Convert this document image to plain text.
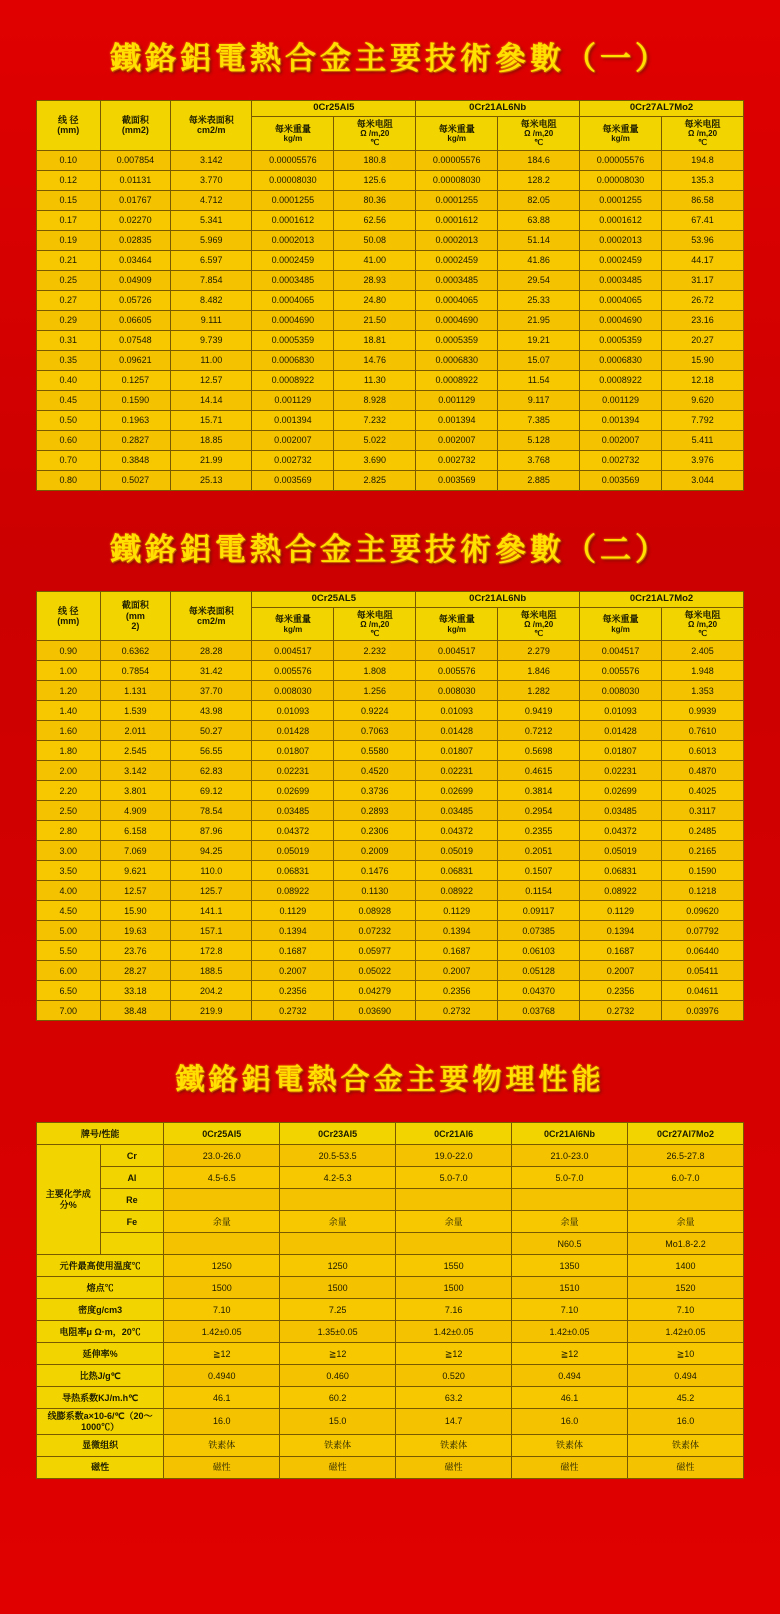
鐵鉻鋁電熱合金主要技術參數（一）
线 径
(mm)

截面积
(mm2)

每米表面积
cm2/m
	0Cr25Al5	0Cr21AL6Nb	0Cr27AL7Mo2

每米重量
kg/m

每米电阻
Ω /m,20
℃

每米重量
kg/m

每米电阻
Ω /m,20
℃

每米重量
kg/m

每米电阻
Ω /m,20
℃

0.10	0.007854	3.142	0.00005576	180.8	0.00005576	184.6	0.00005576	194.8
0.12	0.01131	3.770	0.00008030	125.6	0.00008030	128.2	0.00008030	135.3
0.15	0.01767	4.712	0.0001255	80.36	0.0001255	82.05	0.0001255	86.58
0.17	0.02270	5.341	0.0001612	62.56	0.0001612	63.88	0.0001612	67.41
0.19	0.02835	5.969	0.0002013	50.08	0.0002013	51.14	0.0002013	53.96
0.21	0.03464	6.597	0.0002459	41.00	0.0002459	41.86	0.0002459	44.17
0.25	0.04909	7.854	0.0003485	28.93	0.0003485	29.54	0.0003485	31.17
0.27	0.05726	8.482	0.0004065	24.80	0.0004065	25.33	0.0004065	26.72
0.29	0.06605	9.111	0.0004690	21.50	0.0004690	21.95	0.0004690	23.16
0.31	0.07548	9.739	0.0005359	18.81	0.0005359	19.21	0.0005359	20.27
0.35	0.09621	11.00	0.0006830	14.76	0.0006830	15.07	0.0006830	15.90
0.40	0.1257	12.57	0.0008922	11.30	0.0008922	11.54	0.0008922	12.18
0.45	0.1590	14.14	0.001129	8.928	0.001129	9.117	0.001129	9.620
0.50	0.1963	15.71	0.001394	7.232	0.001394	7.385	0.001394	7.792
0.60	0.2827	18.85	0.002007	5.022	0.002007	5.128	0.002007	5.411
0.70	0.3848	21.99	0.002732	3.690	0.002732	3.768	0.002732	3.976
0.80	0.5027	25.13	0.003569	2.825	0.003569	2.885	0.003569	3.044
鐵鉻鋁電熱合金主要技術參數（二）
线 径
(mm)

截面积
(mm
2)

每米表面积
cm2/m
	0Cr25AL5	0Cr21AL6Nb	0Cr21AL7Mo2

每米重量
kg/m

每米电阻
Ω /m,20
℃

每米重量
kg/m

每米电阻
Ω /m,20
℃

每米重量
kg/m

每米电阻
Ω /m,20
℃

0.90	0.6362	28.28	0.004517	2.232	0.004517	2.279	0.004517	2.405
1.00	0.7854	31.42	0.005576	1.808	0.005576	1.846	0.005576	1.948
1.20	1.131	37.70	0.008030	1.256	0.008030	1.282	0.008030	1.353
1.40	1.539	43.98	0.01093	0.9224	0.01093	0.9419	0.01093	0.9939
1.60	2.011	50.27	0.01428	0.7063	0.01428	0.7212	0.01428	0.7610
1.80	2.545	56.55	0.01807	0.5580	0.01807	0.5698	0.01807	0.6013
2.00	3.142	62.83	0.02231	0.4520	0.02231	0.4615	0.02231	0.4870
2.20	3.801	69.12	0.02699	0.3736	0.02699	0.3814	0.02699	0.4025
2.50	4.909	78.54	0.03485	0.2893	0.03485	0.2954	0.03485	0.3117
2.80	6.158	87.96	0.04372	0.2306	0.04372	0.2355	0.04372	0.2485
3.00	7.069	94.25	0.05019	0.2009	0.05019	0.2051	0.05019	0.2165
3.50	9.621	110.0	0.06831	0.1476	0.06831	0.1507	0.06831	0.1590
4.00	12.57	125.7	0.08922	0.1130	0.08922	0.1154	0.08922	0.1218
4.50	15.90	141.1	0.1129	0.08928	0.1129	0.09117	0.1129	0.09620
5.00	19.63	157.1	0.1394	0.07232	0.1394	0.07385	0.1394	0.07792
5.50	23.76	172.8	0.1687	0.05977	0.1687	0.06103	0.1687	0.06440
6.00	28.27	188.5	0.2007	0.05022	0.2007	0.05128	0.2007	0.05411
6.50	33.18	204.2	0.2356	0.04279	0.2356	0.04370	0.2356	0.04611
7.00	38.48	219.9	0.2732	0.03690	0.2732	0.03768	0.2732	0.03976
鐵鉻鋁電熱合金主要物理性能
牌号/性能		0Cr25Al5	0Cr23Al5	0Cr21Al6	0Cr21Al6Nb	0Cr27Al7Mo2
主要化学成分%	Cr	23.0-26.0	20.5-53.5	19.0-22.0	21.0-23.0	26.5-27.8
	Al	4.5-6.5	4.2-5.3	5.0-7.0	5.0-7.0	6.0-7.0
	Re					
	Fe	余量	余量	余量	余量	余量
					N60.5	Mo1.8-2.2
元件最高使用温度℃		1250	1250	1550	1350	1400
熔点℃		1500	1500	1500	1510	1520
密度g/cm3		7.10	7.25	7.16	7.10	7.10
电阻率μ Ω·m，20℃		1.42±0.05	1.35±0.05	1.42±0.05	1.42±0.05	1.42±0.05
延伸率%		≧12	≧12	≧12	≧12	≧10
比热J/g℃		0.4940	0.460	0.520	0.494	0.494
导热系数KJ/m.h℃		46.1	60.2	63.2	46.1	45.2
线膨系数a×10-6/℃（20～1000℃）		16.0	15.0	14.7	16.0	16.0
显微组织		铁素体	铁素体	铁素体	铁素体	铁素体
磁性		磁性	磁性	磁性	磁性	磁性
